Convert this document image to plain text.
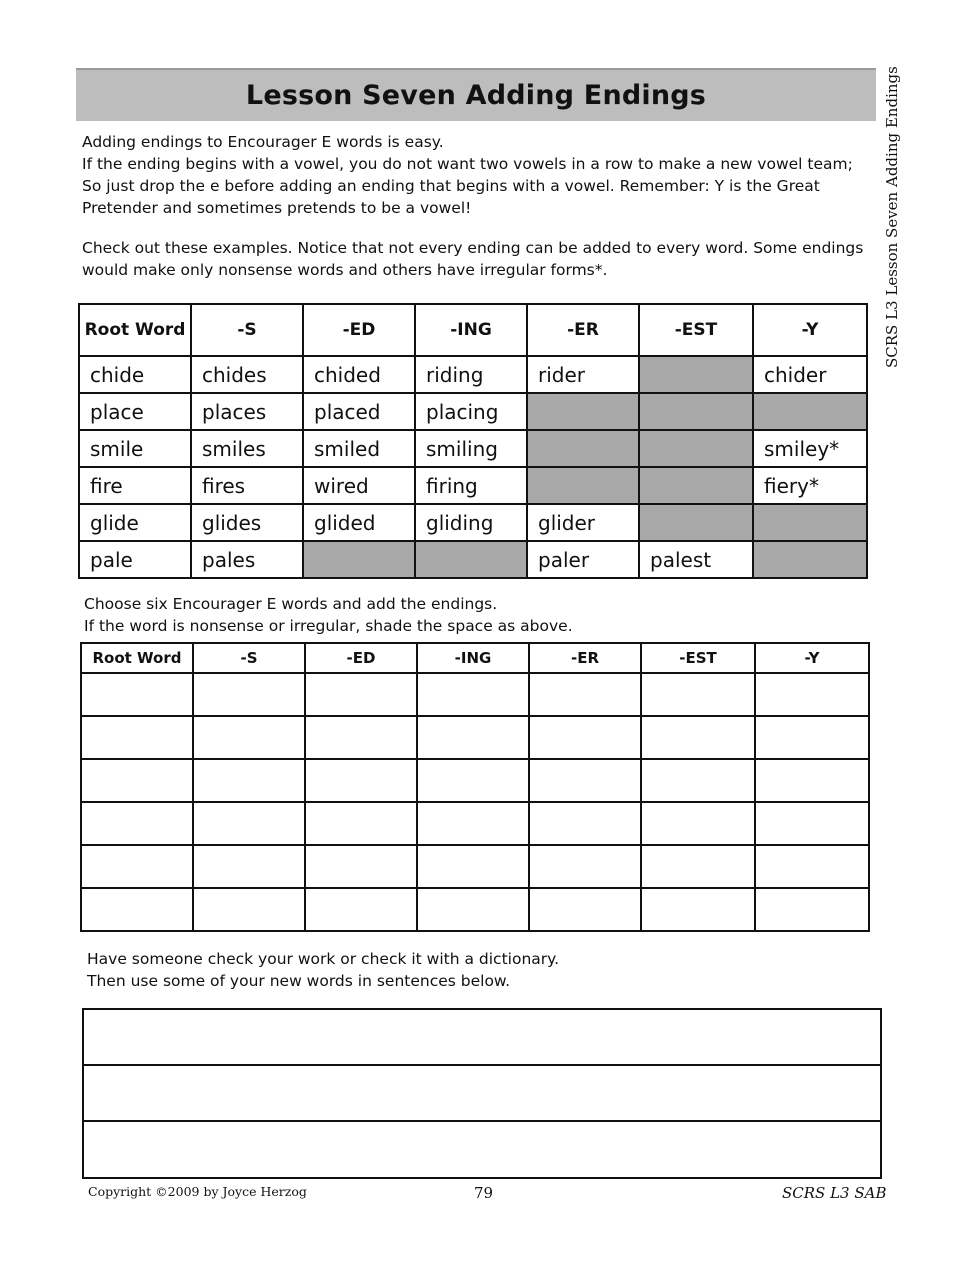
Lesson Seven Adding Endings	SCRS L3 Lesson Seven Adding Endings

Adding endings to Encourager E words is easy.

If the ending begins with a vowel, you do not want two vowels in a row to make a new vowel team; So just drop the e before adding an ending that begins with a vowel. Remember: Y is the Great Pretender and sometimes pretends to be a vowel!

Check out these examples. Notice that not every ending can be added to every word. Some endings would make only nonsense words and others have irregular forms*.

Root Word	-S	-ED	-ING	-ER	-EST	-Y
chide	chides	chided	riding	rider		chider
place	places	placed	placing			
smile	smiles	smiled	smiling			smiley*
fire	fires	wired	firing			fiery*
glide	glides	glided	gliding	glider		
pale	pales			paler	palest	

Choose six Encourager E words and add the endings.

If the word is nonsense or irregular, shade the space as above.

Root Word	-S	-ED	-ING	-ER	-EST	-Y

Have someone check your work or check it with a dictionary.

Then use some of your new words in sentences below.

Copyright ©2009 by Joyce Herzog	79	SCRS L3 SAB
